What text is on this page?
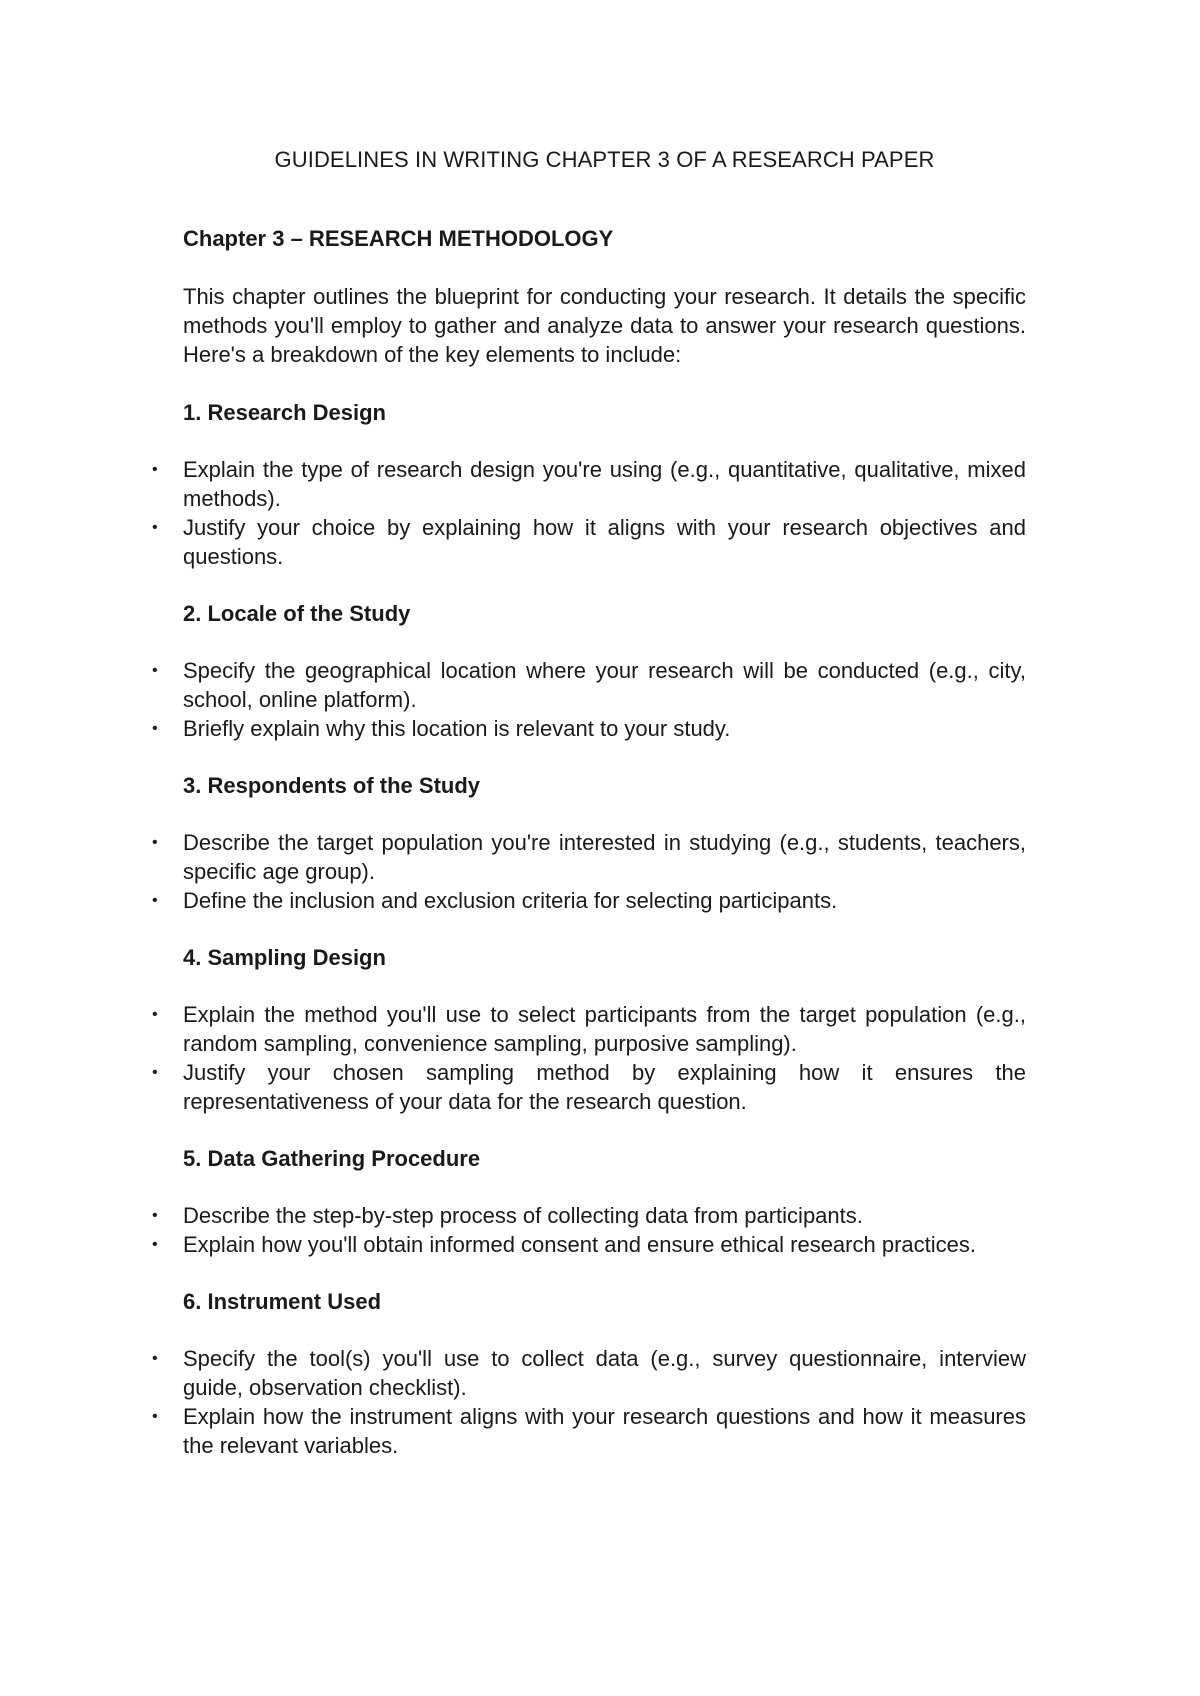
GUIDELINES IN WRITING CHAPTER 3 OF A RESEARCH PAPER
Chapter 3 – RESEARCH METHODOLOGY

This chapter outlines the blueprint for conducting your research. It details the specific methods you'll employ to gather and analyze data to answer your research questions. Here's a breakdown of the key elements to include:

1. Research Design
• Explain the type of research design you're using (e.g., quantitative, qualitative, mixed methods).
• Justify your choice by explaining how it aligns with your research objectives and questions.
2. Locale of the Study
• Specify the geographical location where your research will be conducted (e.g., city, school, online platform).
• Briefly explain why this location is relevant to your study.
3. Respondents of the Study
• Describe the target population you're interested in studying (e.g., students, teachers, specific age group).
• Define the inclusion and exclusion criteria for selecting participants.
4. Sampling Design
• Explain the method you'll use to select participants from the target population (e.g., random sampling, convenience sampling, purposive sampling).
• Justify your chosen sampling method by explaining how it ensures the representativeness of your data for the research question.
5. Data Gathering Procedure
• Describe the step-by-step process of collecting data from participants.
• Explain how you'll obtain informed consent and ensure ethical research practices.
6. Instrument Used
• Specify the tool(s) you'll use to collect data (e.g., survey questionnaire, interview guide, observation checklist).
• Explain how the instrument aligns with your research questions and how it measures the relevant variables.
